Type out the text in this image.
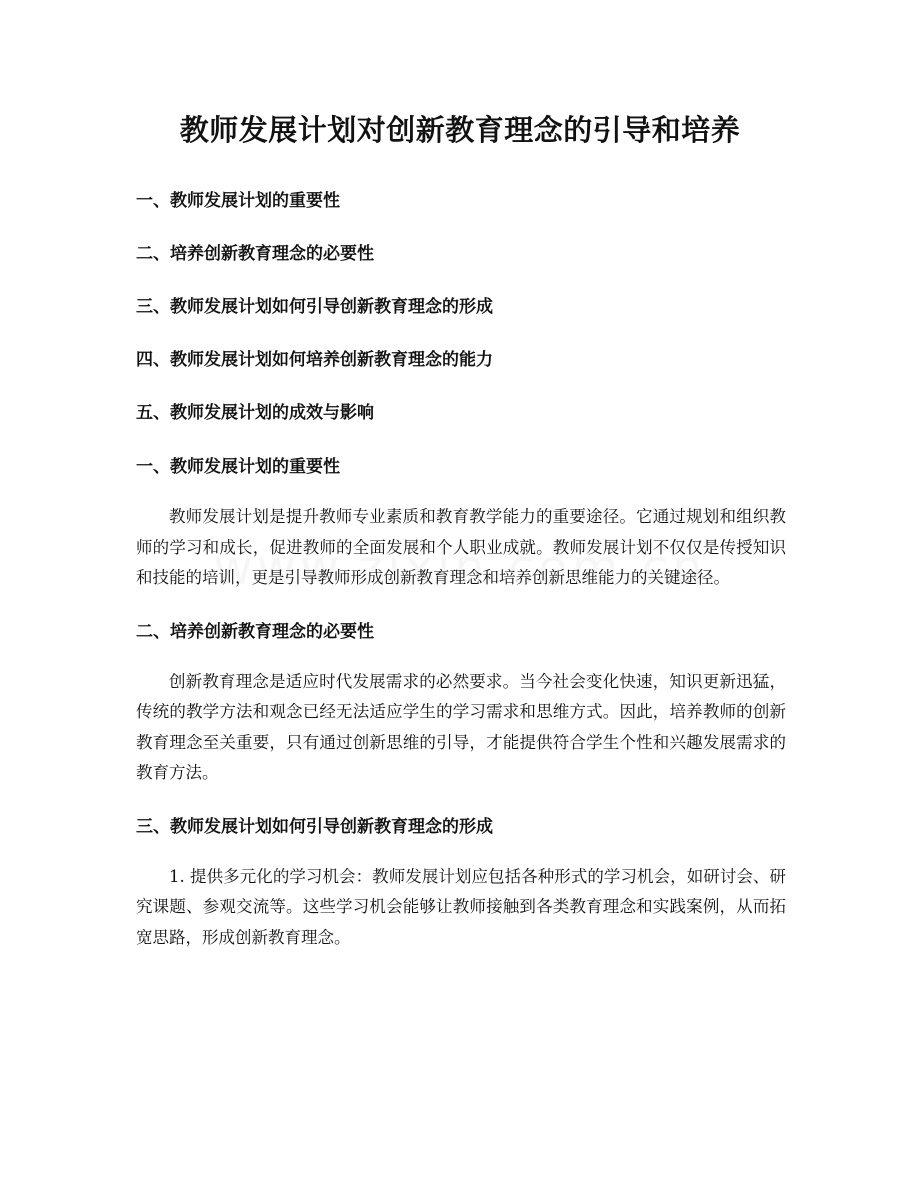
教师发展计划对创新教育理念的引导和培养
一、教师发展计划的重要性
二、培养创新教育理念的必要性
三、教师发展计划如何引导创新教育理念的形成
四、教师发展计划如何培养创新教育理念的能力
五、教师发展计划的成效与影响
一、教师发展计划的重要性

教师发展计划是提升教师专业素质和教育教学能力的重要途径。它通过规划和组织教师的学习和成长，促进教师的全面发展和个人职业成就。教师发展计划不仅仅是传授知识和技能的培训，更是引导教师形成创新教育理念和培养创新思维能力的关键途径。

二、培养创新教育理念的必要性

创新教育理念是适应时代发展需求的必然要求。当今社会变化快速，知识更新迅猛，传统的教学方法和观念已经无法适应学生的学习需求和思维方式。因此，培养教师的创新教育理念至关重要，只有通过创新思维的引导，才能提供符合学生个性和兴趣发展需求的教育方法。

三、教师发展计划如何引导创新教育理念的形成

1. 提供多元化的学习机会：教师发展计划应包括各种形式的学习机会，如研讨会、研究课题、参观交流等。这些学习机会能够让教师接触到各类教育理念和实践案例，从而拓宽思路，形成创新教育理念。
